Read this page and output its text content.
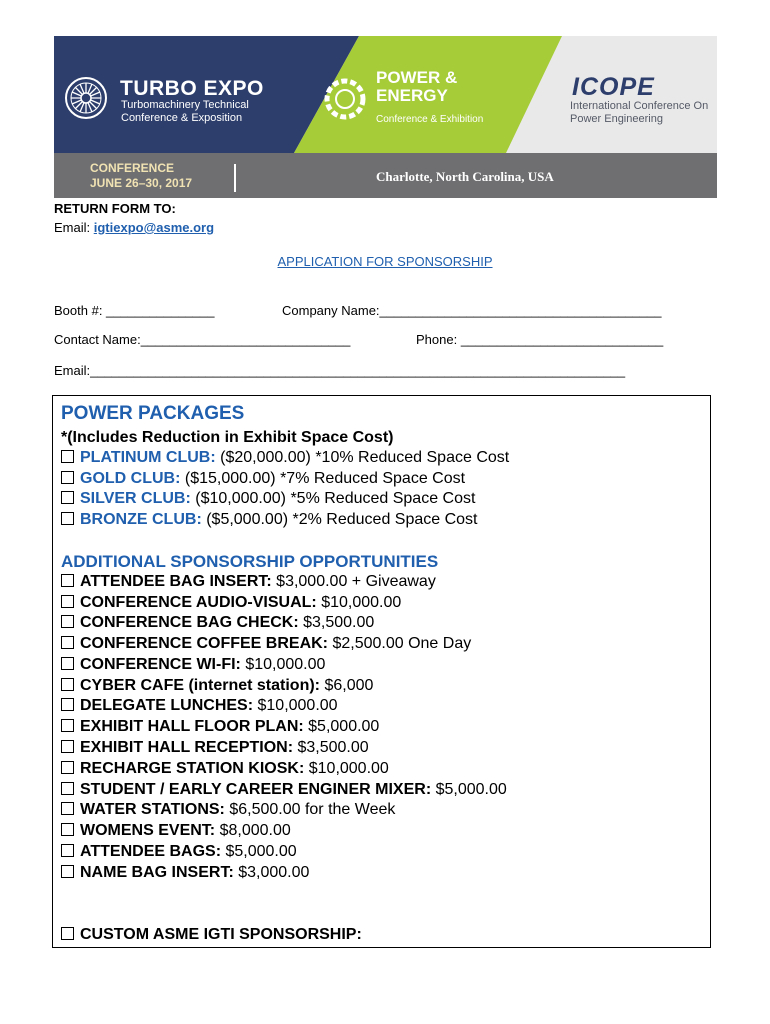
TURBO EXPO
Turbomachinery Technical Conference & Exposition
POWER & ENERGY
Conference & Exhibition
ICOPE
International Conference On Power Engineering
CONFERENCE
JUNE 26–30, 2017	Charlotte, North Carolina, USA
RETURN FORM TO:
Email: igtiexpo@asme.org
APPLICATION FOR SPONSORSHIP
Booth #: _______________	Company Name:_______________________________________
Contact Name:_____________________________	Phone: ____________________________
Email:__________________________________________________________________________
POWER PACKAGES
*(Includes Reduction in Exhibit Space Cost)
PLATINUM CLUB: ($20,000.00) *10% Reduced Space Cost
GOLD CLUB: ($15,000.00) *7% Reduced Space Cost
SILVER CLUB: ($10,000.00) *5% Reduced Space Cost
BRONZE CLUB: ($5,000.00) *2% Reduced Space Cost
ADDITIONAL SPONSORSHIP OPPORTUNITIES
ATTENDEE BAG INSERT: $3,000.00 + Giveaway
CONFERENCE AUDIO-VISUAL: $10,000.00
CONFERENCE BAG CHECK: $3,500.00
CONFERENCE COFFEE BREAK: $2,500.00 One Day
CONFERENCE WI-FI: $10,000.00
CYBER CAFE (internet station): $6,000
DELEGATE LUNCHES: $10,000.00
EXHIBIT HALL FLOOR PLAN: $5,000.00
EXHIBIT HALL RECEPTION: $3,500.00
RECHARGE STATION KIOSK: $10,000.00
STUDENT / EARLY CAREER ENGINER MIXER: $5,000.00
WATER STATIONS: $6,500.00 for the Week
WOMENS EVENT: $8,000.00
ATTENDEE BAGS: $5,000.00
NAME BAG INSERT: $3,000.00
CUSTOM ASME IGTI SPONSORSHIP:
